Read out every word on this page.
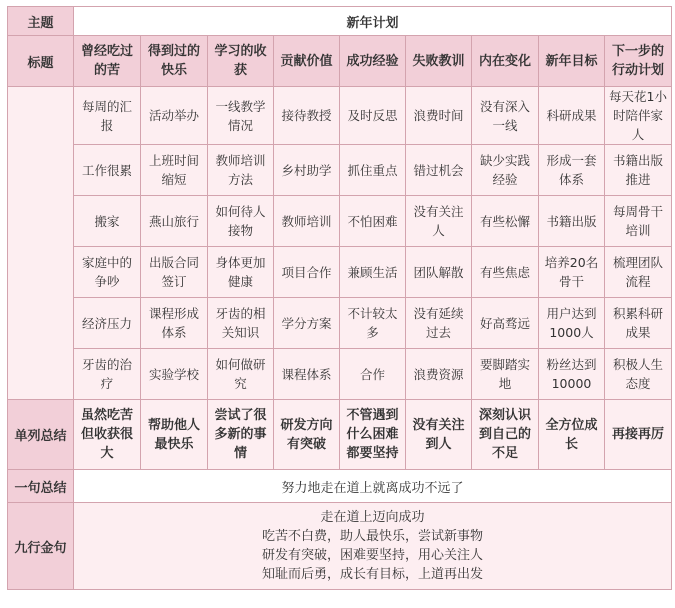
主题	新年计划								
标题	曾经吃过的苦	得到过的快乐	学习的收获	贡献价值	成功经验	失败教训	内在变化	新年目标	下一步的行动计划
	每周的汇报	活动举办	一线教学情况	接待教授	及时反思	浪费时间	没有深入一线	科研成果	每天花1小时陪伴家人
	工作很累	上班时间缩短	教师培训方法	乡村助学	抓住重点	错过机会	缺少实践经验	形成一套体系	书籍出版推进
	搬家	燕山旅行	如何待人接物	教师培训	不怕困难	没有关注人	有些松懈	书籍出版	每周骨干培训
	家庭中的争吵	出版合同签订	身体更加健康	项目合作	兼顾生活	团队解散	有些焦虑	培养20名骨干	梳理团队流程
	经济压力	课程形成体系	牙齿的相关知识	学分方案	不计较太多	没有延续过去	好高骛远	用户达到1000人	积累科研成果
	牙齿的治疗	实验学校	如何做研究	课程体系	合作	浪费资源	要脚踏实地	粉丝达到10000	积极人生态度
单列总结	虽然吃苦但收获很大	帮助他人最快乐	尝试了很多新的事情	研发方向有突破	不管遇到什么困难都要坚持	没有关注到人	深刻认识到自己的不足	全方位成长	再接再厉
一句总结	努力地走在道上就离成功不远了								
九行金句	走在道上迈向成功
吃苦不白费，助人最快乐，尝试新事物
研发有突破，困难要坚持，用心关注人
知耻而后勇，成长有目标，上道再出发								
